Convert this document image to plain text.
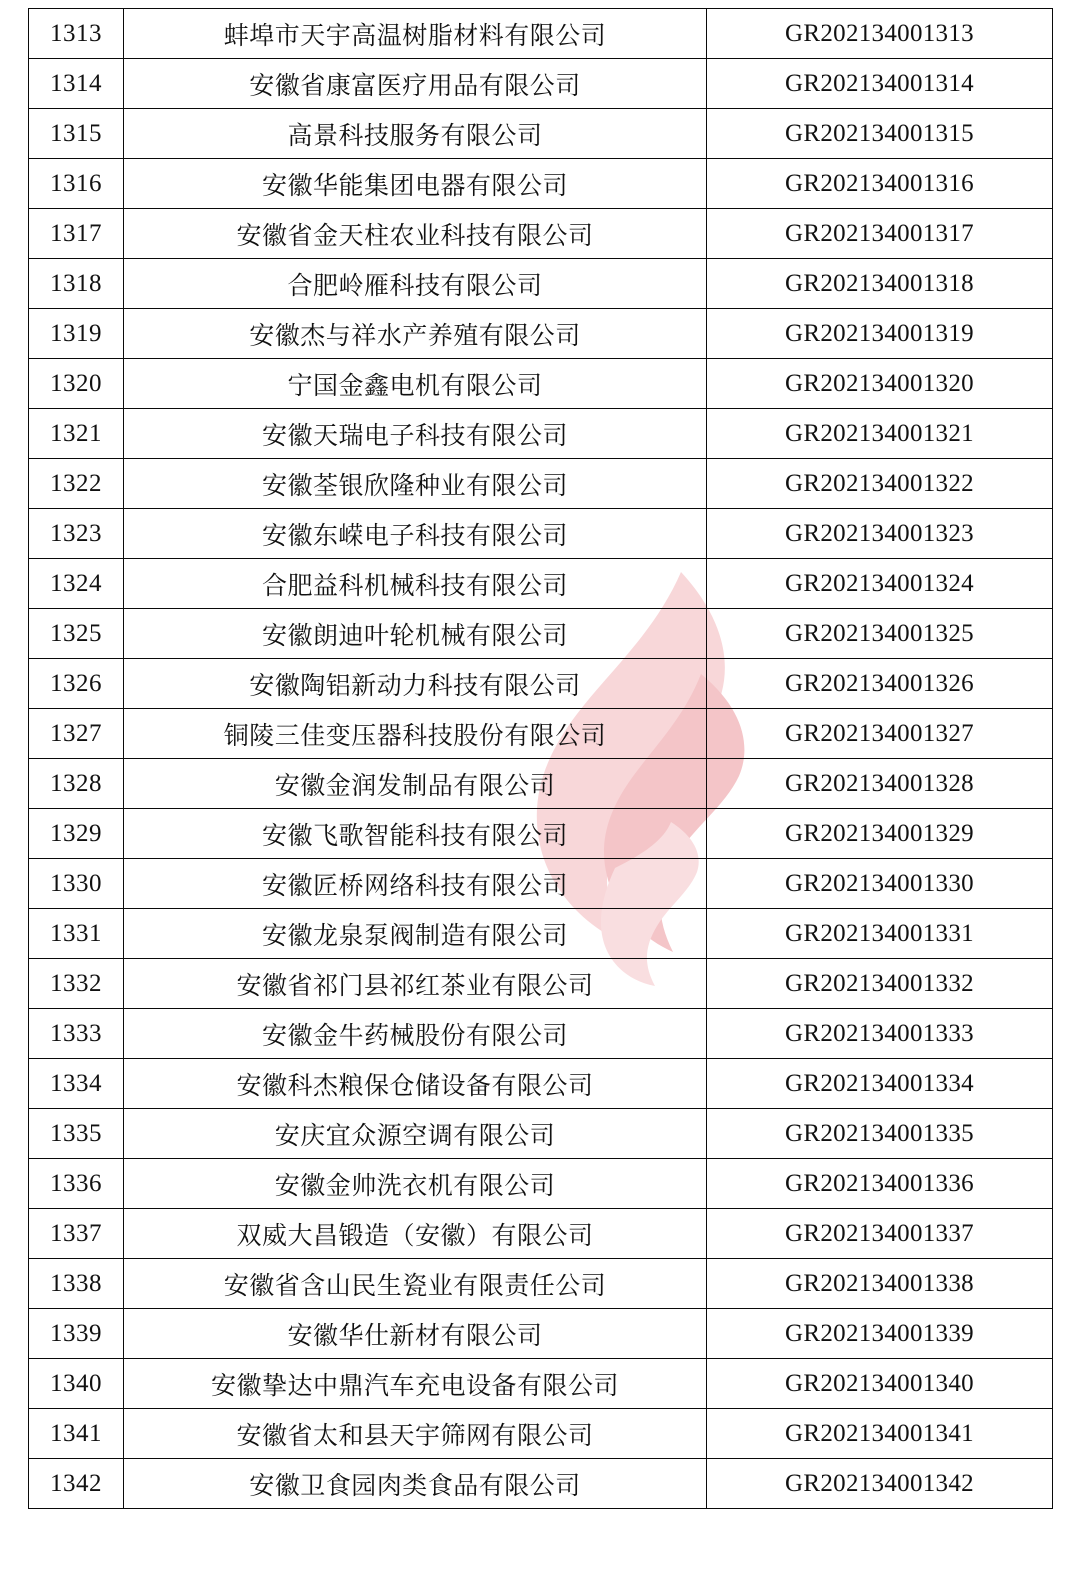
1313	蚌埠市天宇高温树脂材料有限公司	GR202134001313
1314	安徽省康富医疗用品有限公司	GR202134001314
1315	高景科技服务有限公司	GR202134001315
1316	安徽华能集团电器有限公司	GR202134001316
1317	安徽省金天柱农业科技有限公司	GR202134001317
1318	合肥岭雁科技有限公司	GR202134001318
1319	安徽杰与祥水产养殖有限公司	GR202134001319
1320	宁国金鑫电机有限公司	GR202134001320
1321	安徽天瑞电子科技有限公司	GR202134001321
1322	安徽荃银欣隆种业有限公司	GR202134001322
1323	安徽东嵘电子科技有限公司	GR202134001323
1324	合肥益科机械科技有限公司	GR202134001324
1325	安徽朗迪叶轮机械有限公司	GR202134001325
1326	安徽陶铝新动力科技有限公司	GR202134001326
1327	铜陵三佳变压器科技股份有限公司	GR202134001327
1328	安徽金润发制品有限公司	GR202134001328
1329	安徽飞歌智能科技有限公司	GR202134001329
1330	安徽匠桥网络科技有限公司	GR202134001330
1331	安徽龙泉泵阀制造有限公司	GR202134001331
1332	安徽省祁门县祁红茶业有限公司	GR202134001332
1333	安徽金牛药械股份有限公司	GR202134001333
1334	安徽科杰粮保仓储设备有限公司	GR202134001334
1335	安庆宜众源空调有限公司	GR202134001335
1336	安徽金帅洗衣机有限公司	GR202134001336
1337	双威大昌锻造（安徽）有限公司	GR202134001337
1338	安徽省含山民生瓷业有限责任公司	GR202134001338
1339	安徽华仕新材有限公司	GR202134001339
1340	安徽挚达中鼎汽车充电设备有限公司	GR202134001340
1341	安徽省太和县天宇筛网有限公司	GR202134001341
1342	安徽卫食园肉类食品有限公司	GR202134001342
